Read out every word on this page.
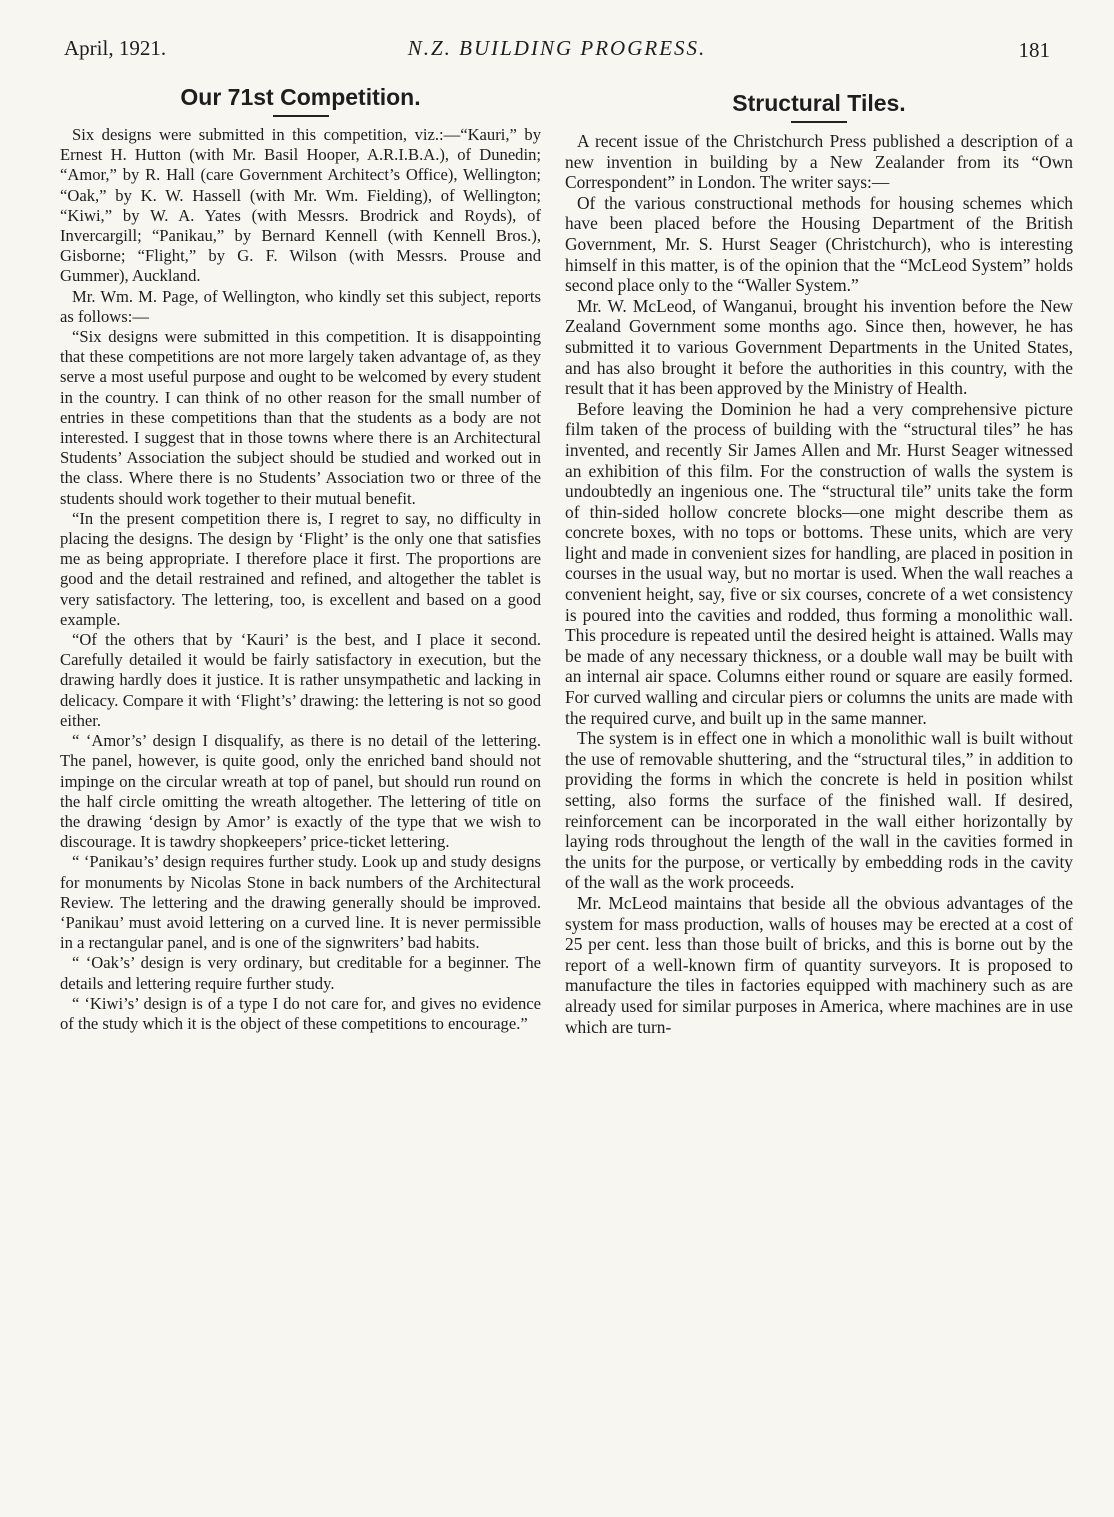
April, 1921.	N.Z. BUILDING PROGRESS.	181
Our 71st Competition.

Six designs were submitted in this competition, viz.:—“Kauri,” by Ernest H. Hutton (with Mr. Basil Hooper, A.R.I.B.A.), of Dunedin; “Amor,” by R. Hall (care Government Architect’s Office), Wellington; “Oak,” by K. W. Hassell (with Mr. Wm. Fielding), of Wellington; “Kiwi,” by W. A. Yates (with Messrs. Brodrick and Royds), of Invercargill; “Panikau,” by Bernard Kennell (with Kennell Bros.), Gisborne; “Flight,” by G. F. Wilson (with Messrs. Prouse and Gummer), Auckland.

Mr. Wm. M. Page, of Wellington, who kindly set this subject, reports as follows:—

“Six designs were submitted in this competition. It is disappointing that these competitions are not more largely taken advantage of, as they serve a most useful purpose and ought to be welcomed by every student in the country. I can think of no other reason for the small number of entries in these competitions than that the students as a body are not interested. I suggest that in those towns where there is an Architectural Students’ Association the subject should be studied and worked out in the class. Where there is no Students’ Association two or three of the students should work together to their mutual benefit.

“In the present competition there is, I regret to say, no difficulty in placing the designs. The design by ‘Flight’ is the only one that satisfies me as being appropriate. I therefore place it first. The proportions are good and the detail restrained and refined, and altogether the tablet is very satisfactory. The lettering, too, is excellent and based on a good example.

“Of the others that by ‘Kauri’ is the best, and I place it second. Carefully detailed it would be fairly satisfactory in execution, but the drawing hardly does it justice. It is rather unsympathetic and lacking in delicacy. Compare it with ‘Flight’s’ drawing: the lettering is not so good either.

“ ‘Amor’s’ design I disqualify, as there is no detail of the lettering. The panel, however, is quite good, only the enriched band should not impinge on the circular wreath at top of panel, but should run round on the half circle omitting the wreath altogether. The lettering of title on the drawing ‘design by Amor’ is exactly of the type that we wish to discourage. It is tawdry shopkeepers’ price-ticket lettering.

“ ‘Panikau’s’ design requires further study. Look up and study designs for monuments by Nicolas Stone in back numbers of the Architectural Review. The lettering and the drawing generally should be improved. ‘Panikau’ must avoid lettering on a curved line. It is never permissible in a rectangular panel, and is one of the signwriters’ bad habits.

“ ‘Oak’s’ design is very ordinary, but creditable for a beginner. The details and lettering require further study.

“ ‘Kiwi’s’ design is of a type I do not care for, and gives no evidence of the study which it is the object of these competitions to encourage.”

Structural Tiles.

A recent issue of the Christchurch Press published a description of a new invention in building by a New Zealander from its “Own Correspondent” in London. The writer says:—

Of the various constructional methods for housing schemes which have been placed before the Housing Department of the British Government, Mr. S. Hurst Seager (Christchurch), who is interesting himself in this matter, is of the opinion that the “McLeod System” holds second place only to the “Waller System.”

Mr. W. McLeod, of Wanganui, brought his invention before the New Zealand Government some months ago. Since then, however, he has submitted it to various Government Departments in the United States, and has also brought it before the authorities in this country, with the result that it has been approved by the Ministry of Health.

Before leaving the Dominion he had a very comprehensive picture film taken of the process of building with the “structural tiles” he has invented, and recently Sir James Allen and Mr. Hurst Seager witnessed an exhibition of this film. For the construction of walls the system is undoubtedly an ingenious one. The “structural tile” units take the form of thin-sided hollow concrete blocks—one might describe them as concrete boxes, with no tops or bottoms. These units, which are very light and made in convenient sizes for handling, are placed in position in courses in the usual way, but no mortar is used. When the wall reaches a convenient height, say, five or six courses, concrete of a wet consistency is poured into the cavities and rodded, thus forming a monolithic wall. This procedure is repeated until the desired height is attained. Walls may be made of any necessary thickness, or a double wall may be built with an internal air space. Columns either round or square are easily formed. For curved walling and circular piers or columns the units are made with the required curve, and built up in the same manner.

The system is in effect one in which a monolithic wall is built without the use of removable shuttering, and the “structural tiles,” in addition to providing the forms in which the concrete is held in position whilst setting, also forms the surface of the finished wall. If desired, reinforcement can be incorporated in the wall either horizontally by laying rods throughout the length of the wall in the cavities formed in the units for the purpose, or vertically by embedding rods in the cavity of the wall as the work proceeds.

Mr. McLeod maintains that beside all the obvious advantages of the system for mass production, walls of houses may be erected at a cost of 25 per cent. less than those built of bricks, and this is borne out by the report of a well-known firm of quantity surveyors. It is proposed to manufacture the tiles in factories equipped with machinery such as are already used for similar purposes in America, where machines are in use which are turn-
